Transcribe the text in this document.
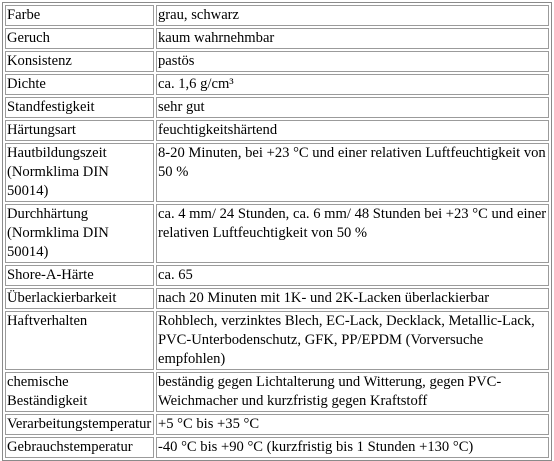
Farbe	grau, schwarz
Geruch	kaum wahrnehmbar
Konsistenz	pastös
Dichte	ca. 1,6 g/cm³
Standfestigkeit	sehr gut
Härtungsart	feuchtigkeitshärtend
Hautbildungszeit (Normklima DIN 50014)	8-20 Minuten, bei +23 °C und einer relativen Luftfeuchtigkeit von 50 %
Durchhärtung (Normklima DIN 50014)	ca. 4 mm/ 24 Stunden, ca. 6 mm/ 48 Stunden bei +23 °C und einer relativen Luftfeuchtigkeit von 50 %
Shore-A-Härte	ca. 65
Überlackierbarkeit	nach 20 Minuten mit 1K- und 2K-Lacken überlackierbar
Haftverhalten	Rohblech, verzinktes Blech, EC-Lack, Decklack, Metallic-Lack, PVC-Unterbodenschutz, GFK, PP/EPDM (Vorversuche empfohlen)
chemische Beständigkeit	beständig gegen Lichtalterung und Witterung, gegen PVC-Weichmacher und kurzfristig gegen Kraftstoff
Verarbeitungstemperatur	+5 °C bis +35 °C
Gebrauchstemperatur	-40 °C bis +90 °C (kurzfristig bis 1 Stunden +130 °C)
